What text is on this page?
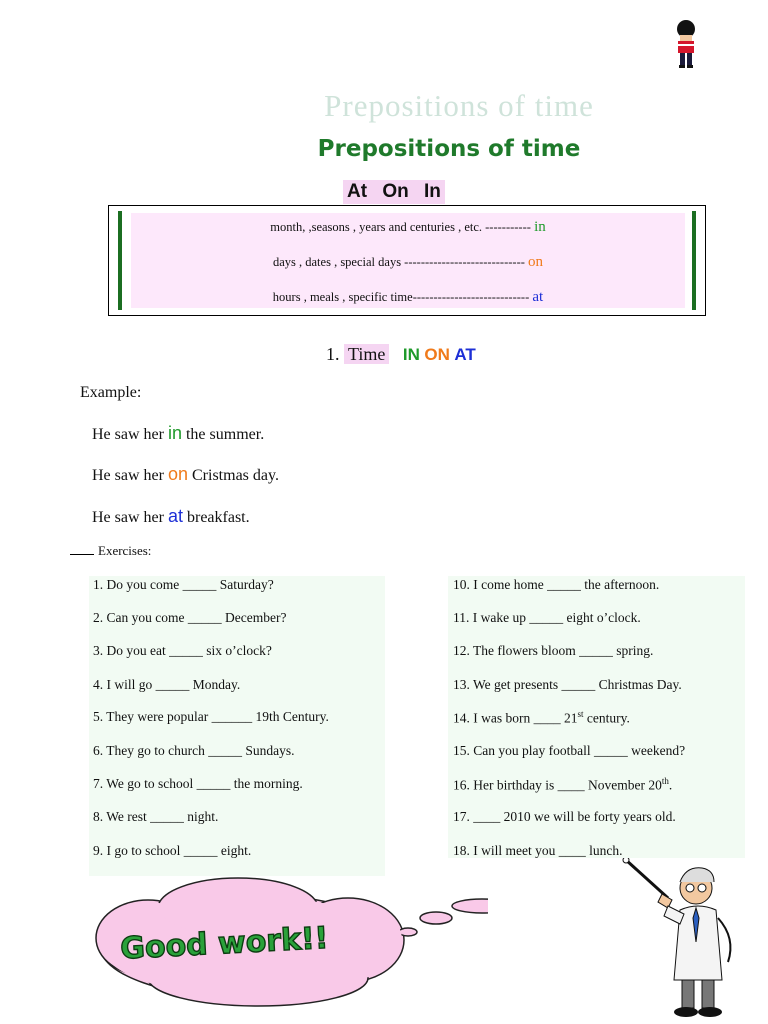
Prepositions of time
Prepositions of time
At On In
month, ,seasons , years and centuries , etc. ----------- in
days , dates , special days ----------------------------- on
hours , meals , specific time---------------------------- at
1. Time IN ON AT
Example:
He saw her in the summer.
He saw her on Cristmas day.
He saw her at breakfast.
Exercises:
1. Do you come _____ Saturday?
2. Can you come _____ December?
3. Do you eat _____ six o’clock?
4. I will go _____ Monday.
5. They were popular ______ 19th Century.
6. They go to church _____ Sundays.
7. We go to school _____ the morning.
8. We rest _____ night.
9. I go to school _____ eight.
10. I come home _____ the afternoon.
11. I wake up _____ eight o’clock.
12. The flowers bloom _____ spring.
13. We get presents _____ Christmas Day.
14. I was born ____ 21st century.
15. Can you play football _____ weekend?
16. Her birthday is ____ November 20th.
17. ____ 2010 we will be forty years old.
18. I will meet you ____ lunch.
Good work!!
